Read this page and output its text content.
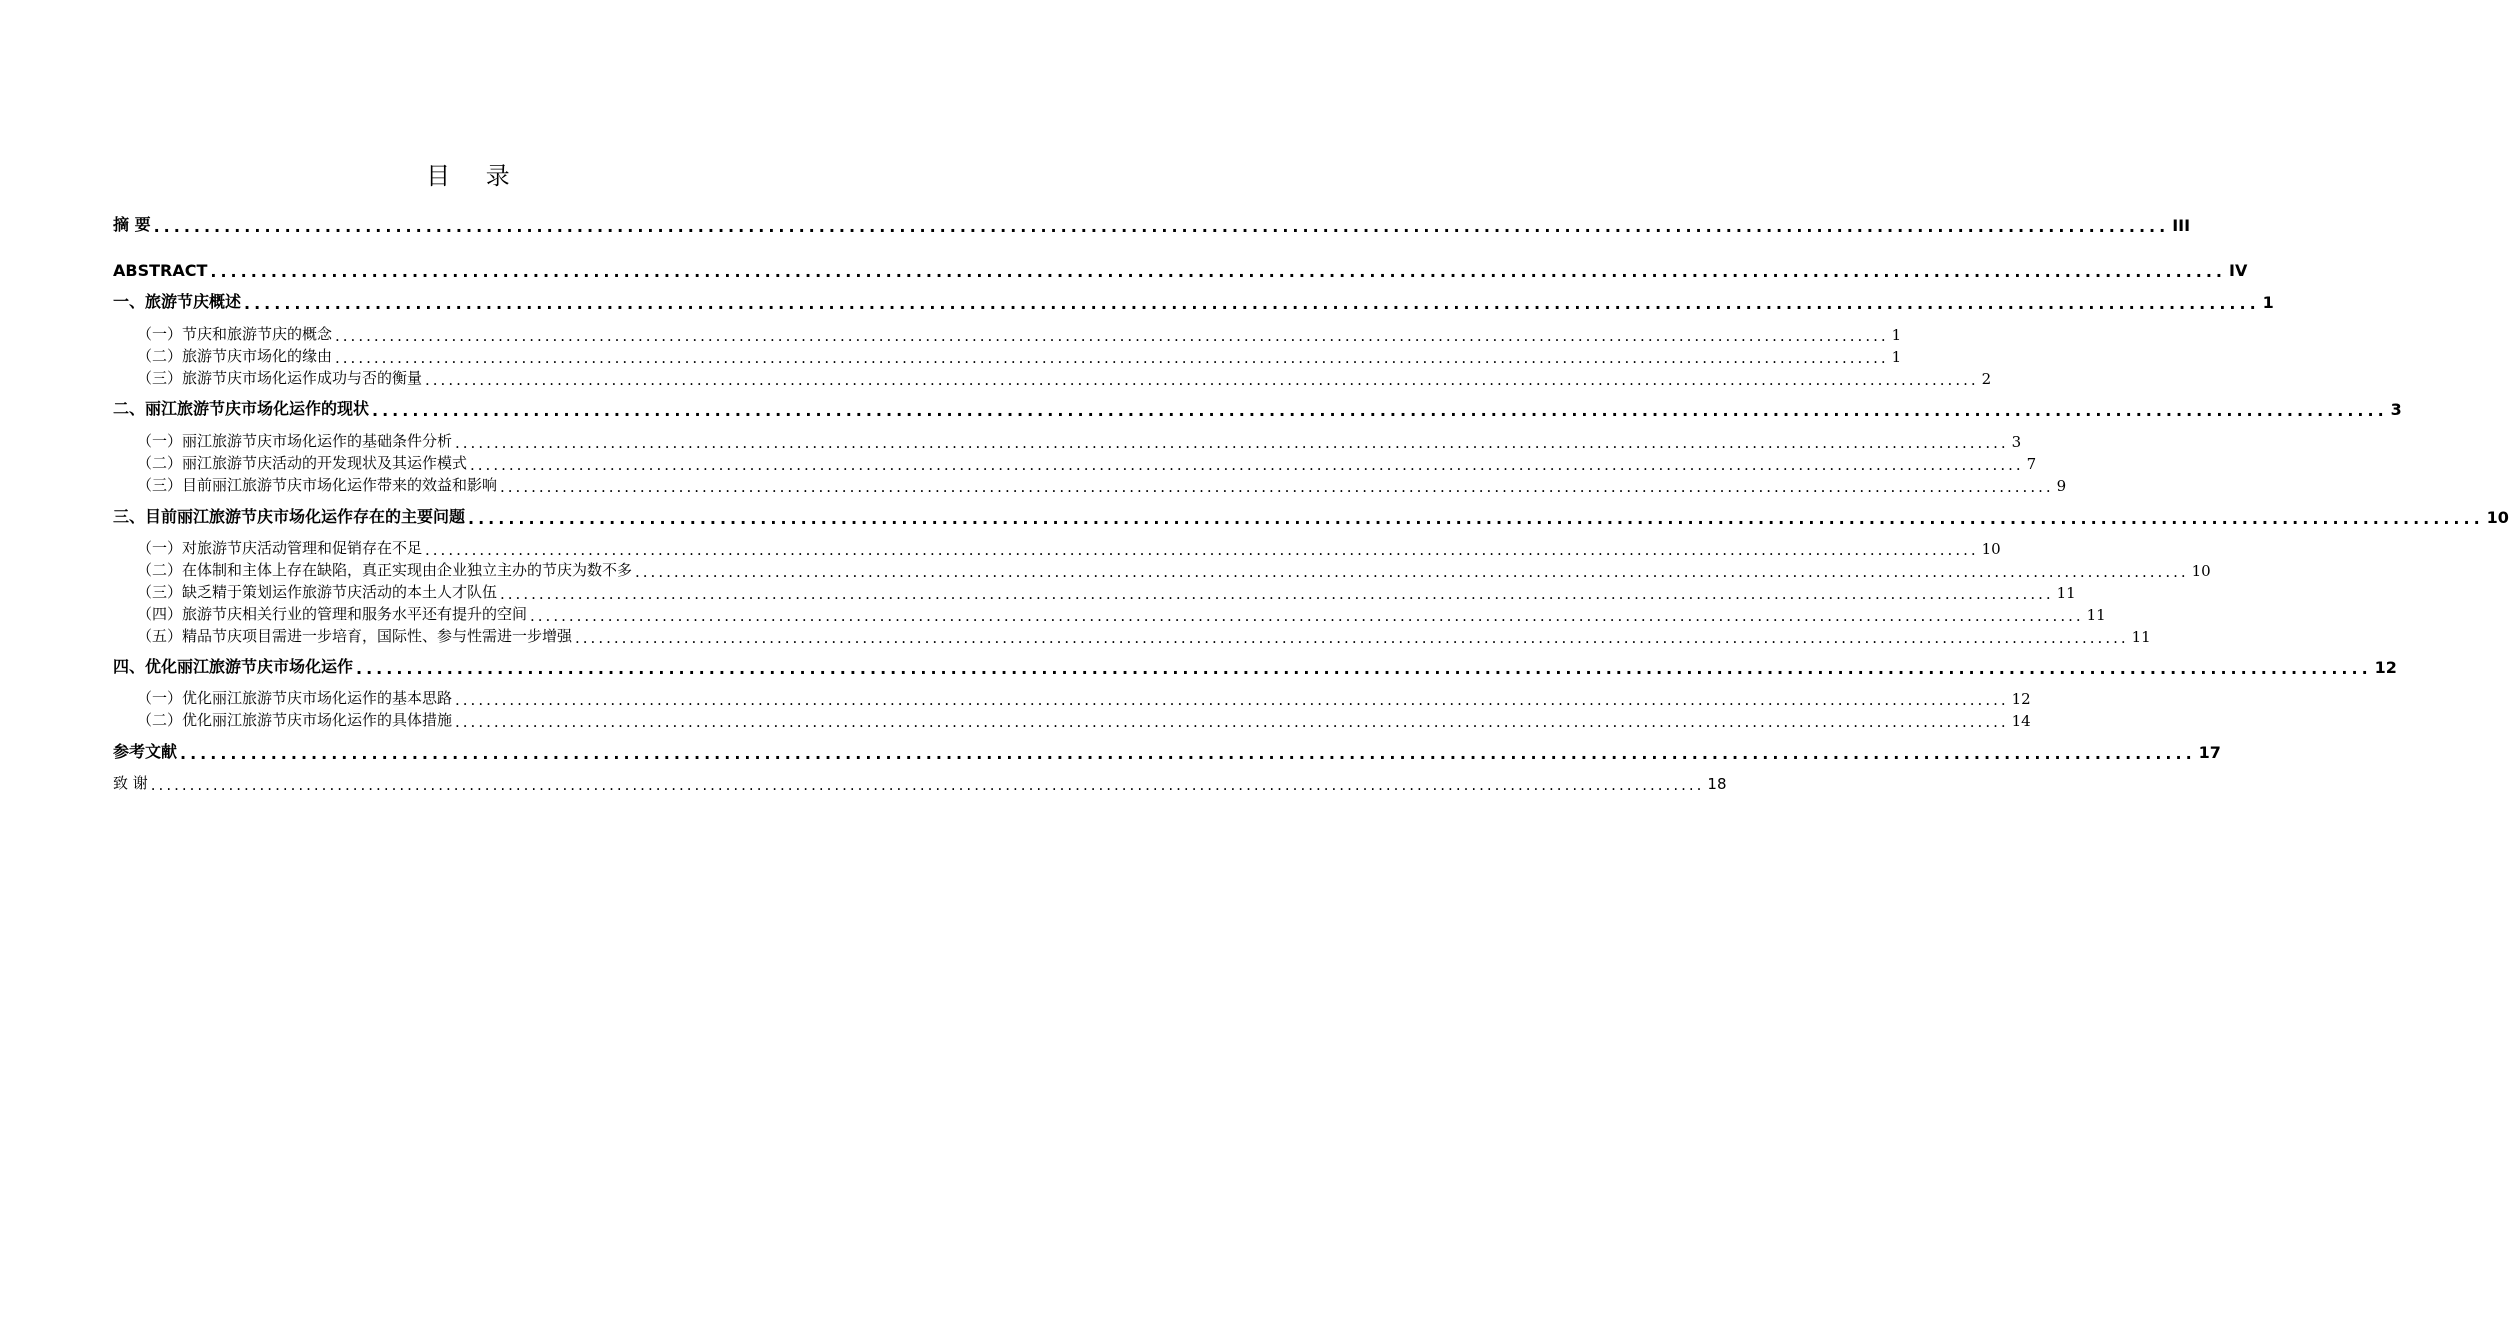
目 录
摘 要 ........................................................................................................................................................................................................ III
ABSTRACT ........................................................................................................................................................................................................ IV
一、旅游节庆概述 ........................................................................................................................................................................................................ 1
（一）节庆和旅游节庆的概念 ........................................................................................................................................................................................................ 1
（二）旅游节庆市场化的缘由 ........................................................................................................................................................................................................ 1
（三）旅游节庆市场化运作成功与否的衡量 ........................................................................................................................................................................................................ 2
二、丽江旅游节庆市场化运作的现状 ........................................................................................................................................................................................................ 3
（一）丽江旅游节庆市场化运作的基础条件分析 ........................................................................................................................................................................................................ 3
（二）丽江旅游节庆活动的开发现状及其运作模式 ........................................................................................................................................................................................................ 7
（三）目前丽江旅游节庆市场化运作带来的效益和影响 ........................................................................................................................................................................................................ 9
三、目前丽江旅游节庆市场化运作存在的主要问题 ........................................................................................................................................................................................................ 10
（一）对旅游节庆活动管理和促销存在不足 ........................................................................................................................................................................................................ 10
（二）在体制和主体上存在缺陷，真正实现由企业独立主办的节庆为数不多 ........................................................................................................................................................................................................ 10
（三）缺乏精于策划运作旅游节庆活动的本土人才队伍 ........................................................................................................................................................................................................ 11
（四）旅游节庆相关行业的管理和服务水平还有提升的空间 ........................................................................................................................................................................................................ 11
（五）精品节庆项目需进一步培育，国际性、参与性需进一步增强 ........................................................................................................................................................................................................ 11
四、优化丽江旅游节庆市场化运作 ........................................................................................................................................................................................................ 12
（一）优化丽江旅游节庆市场化运作的基本思路 ........................................................................................................................................................................................................ 12
（二）优化丽江旅游节庆市场化运作的具体措施 ........................................................................................................................................................................................................ 14
参考文献 ........................................................................................................................................................................................................ 17
致 谢 ........................................................................................................................................................................................................ 18
